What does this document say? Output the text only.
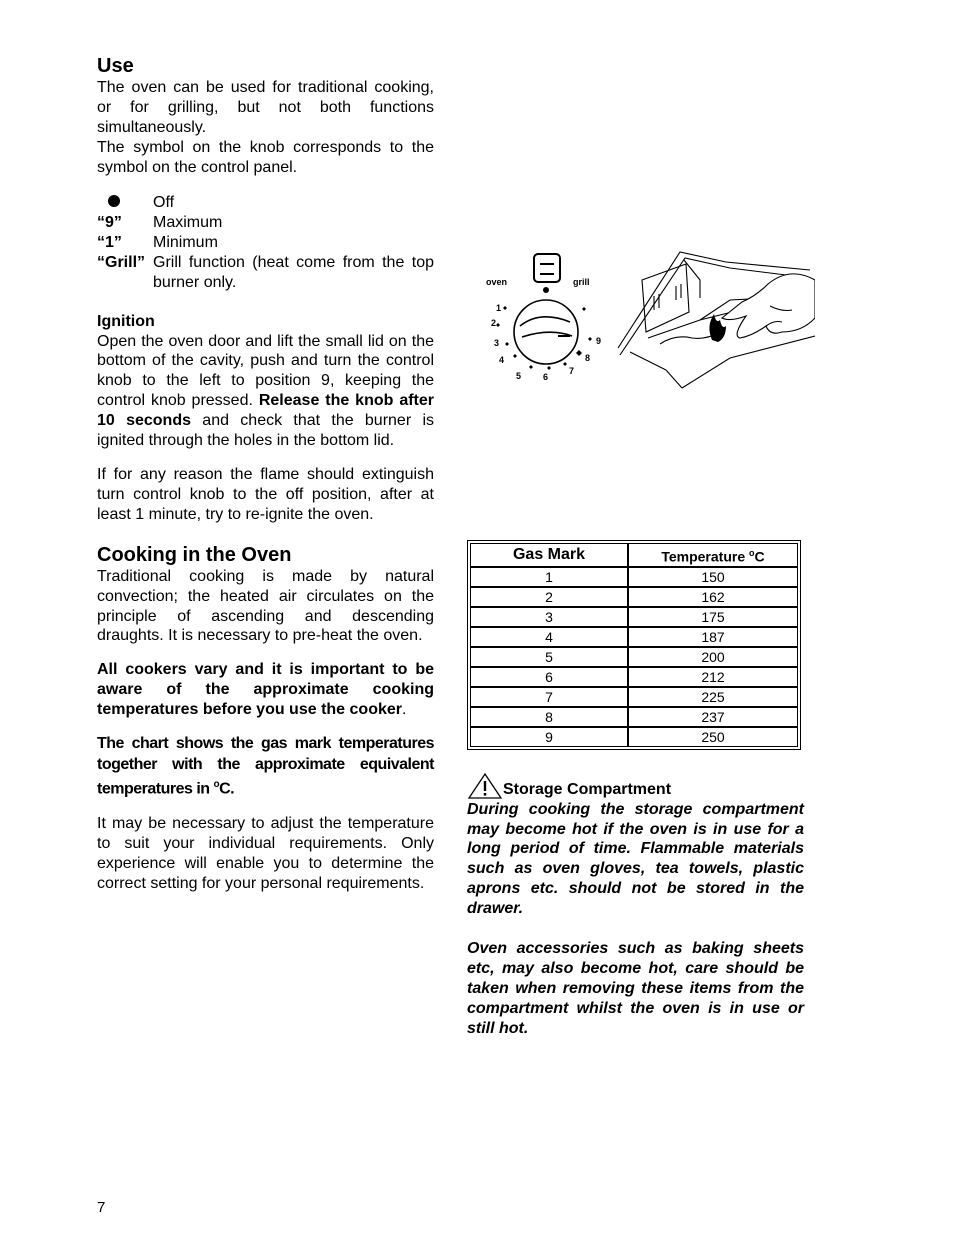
Use

The oven can be used for traditional cooking, or for grilling, but not both functions simultaneously.

The symbol on the knob corresponds to the symbol on the control panel.

Off
“9”	Maximum
“1”	Minimum
“Grill” Grill function (heat come from the top burner only.
Ignition

Open the oven door and lift the small lid on the bottom of the cavity, push and turn the control knob to the left to position 9, keeping the control knob pressed. Release the knob after 10 seconds and check that the burner is ignited through the holes in the bottom lid.

If for any reason the flame should extinguish turn control knob to the off position, after at least 1 minute, try to re-ignite the oven.

Cooking in the Oven

Traditional cooking is made by natural convection; the heated air circulates on the principle of ascending and descending draughts. It is necessary to pre-heat the oven.

All cookers vary and it is important to be aware of the approximate cooking temperatures before you use the cooker.

The chart shows the gas mark temperatures together with the approximate equivalent temperatures in $^o$C.

It may be necessary to adjust the temperature to suit your individual requirements. Only experience will enable you to determine the correct setting for your personal requirements.

oven	grill
1
2
3
4
5 6
7
8
9
Gas Mark	Temperature $^o$C
1	150
2	162
3	175
4	187
5	200
6	212
7	225
8	237
9	250
Storage Compartment

During cooking the storage compartment may become hot if the oven is in use for a long period of time. Flammable materials such as oven gloves, tea towels, plastic aprons etc. should not be stored in the drawer.

Oven accessories such as baking sheets etc, may also become hot, care should be taken when removing these items from the compartment whilst the oven is in use or still hot.

7
